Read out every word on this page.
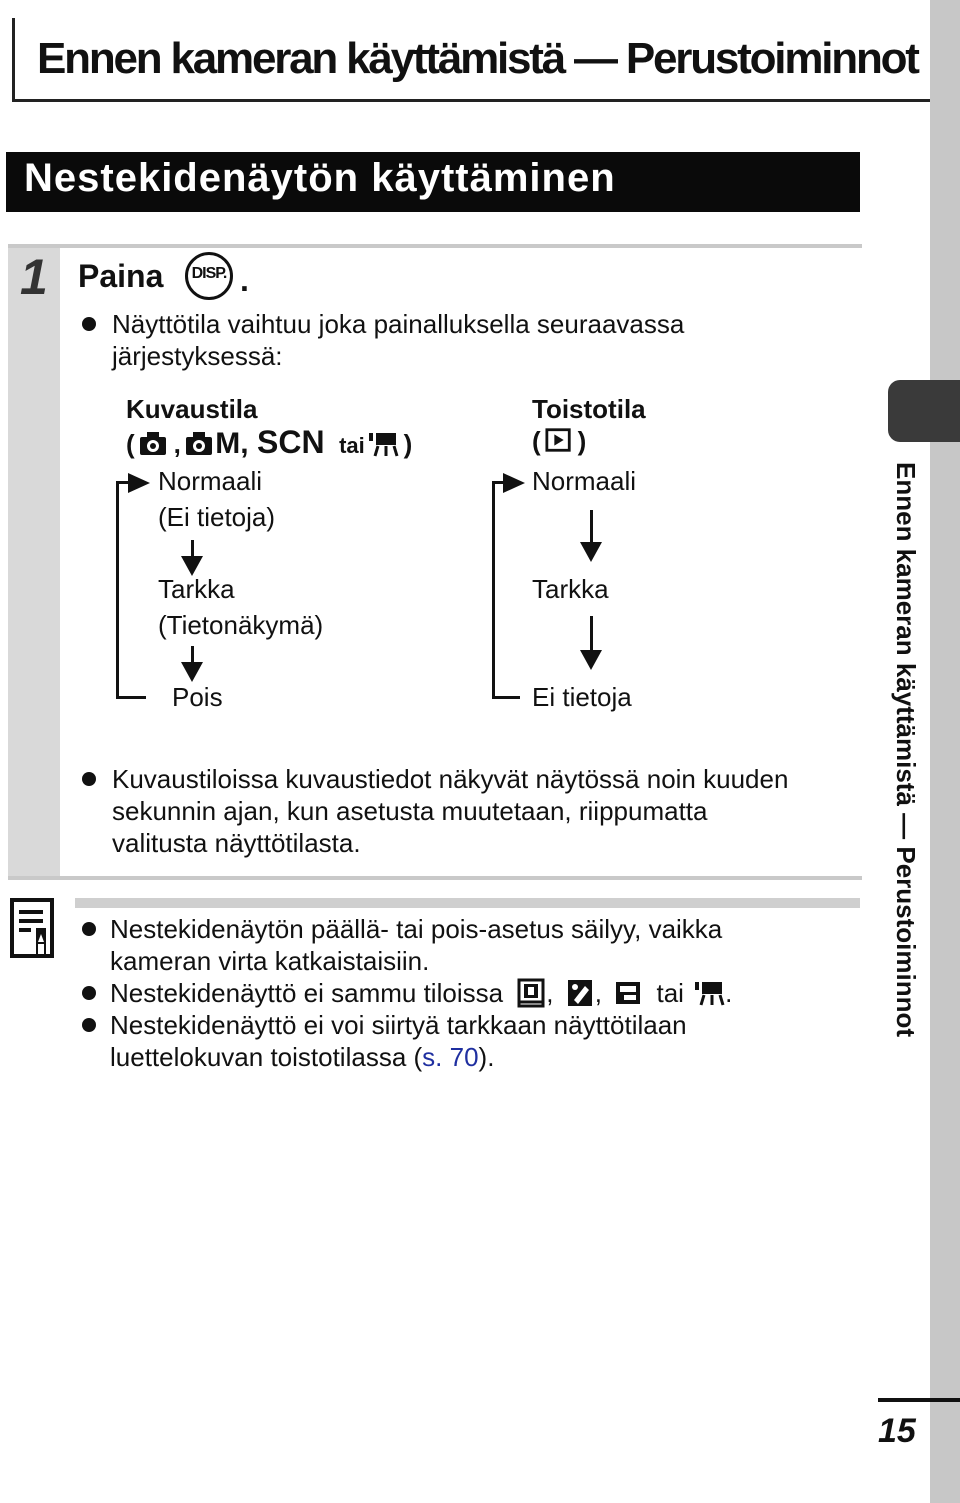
Ennen kameran käyttämistä — Perustoiminnot
Ennen kameran käyttämistä — Perustoiminnot
Nestekidenäytön käyttäminen
1 Paina DISP. .
Näyttötila vaihtuu joka painalluksella seuraavassa
järjestyksessä:
Kuvaustila
( , M, SCN tai )
Normaali
(Ei tietoja)
Tarkka
(Tietonäkymä)
Pois
Toistotila
( )
Normaali
Tarkka
Ei tietoja
Kuvaustiloissa kuvaustiedot näkyvät näytössä noin kuuden
sekunnin ajan, kun asetusta muutetaan, riippumatta
valitusta näyttötilasta.
Nestekidenäytön päällä- tai pois-asetus säilyy, vaikka
kameran virta katkaistaisiin.
Nestekidenäyttö ei sammu tiloissa , , tai .
Nestekidenäyttö ei voi siirtyä tarkkaan näyttötilaan
luettelokuvan toistotilassa (s. 70).
15
